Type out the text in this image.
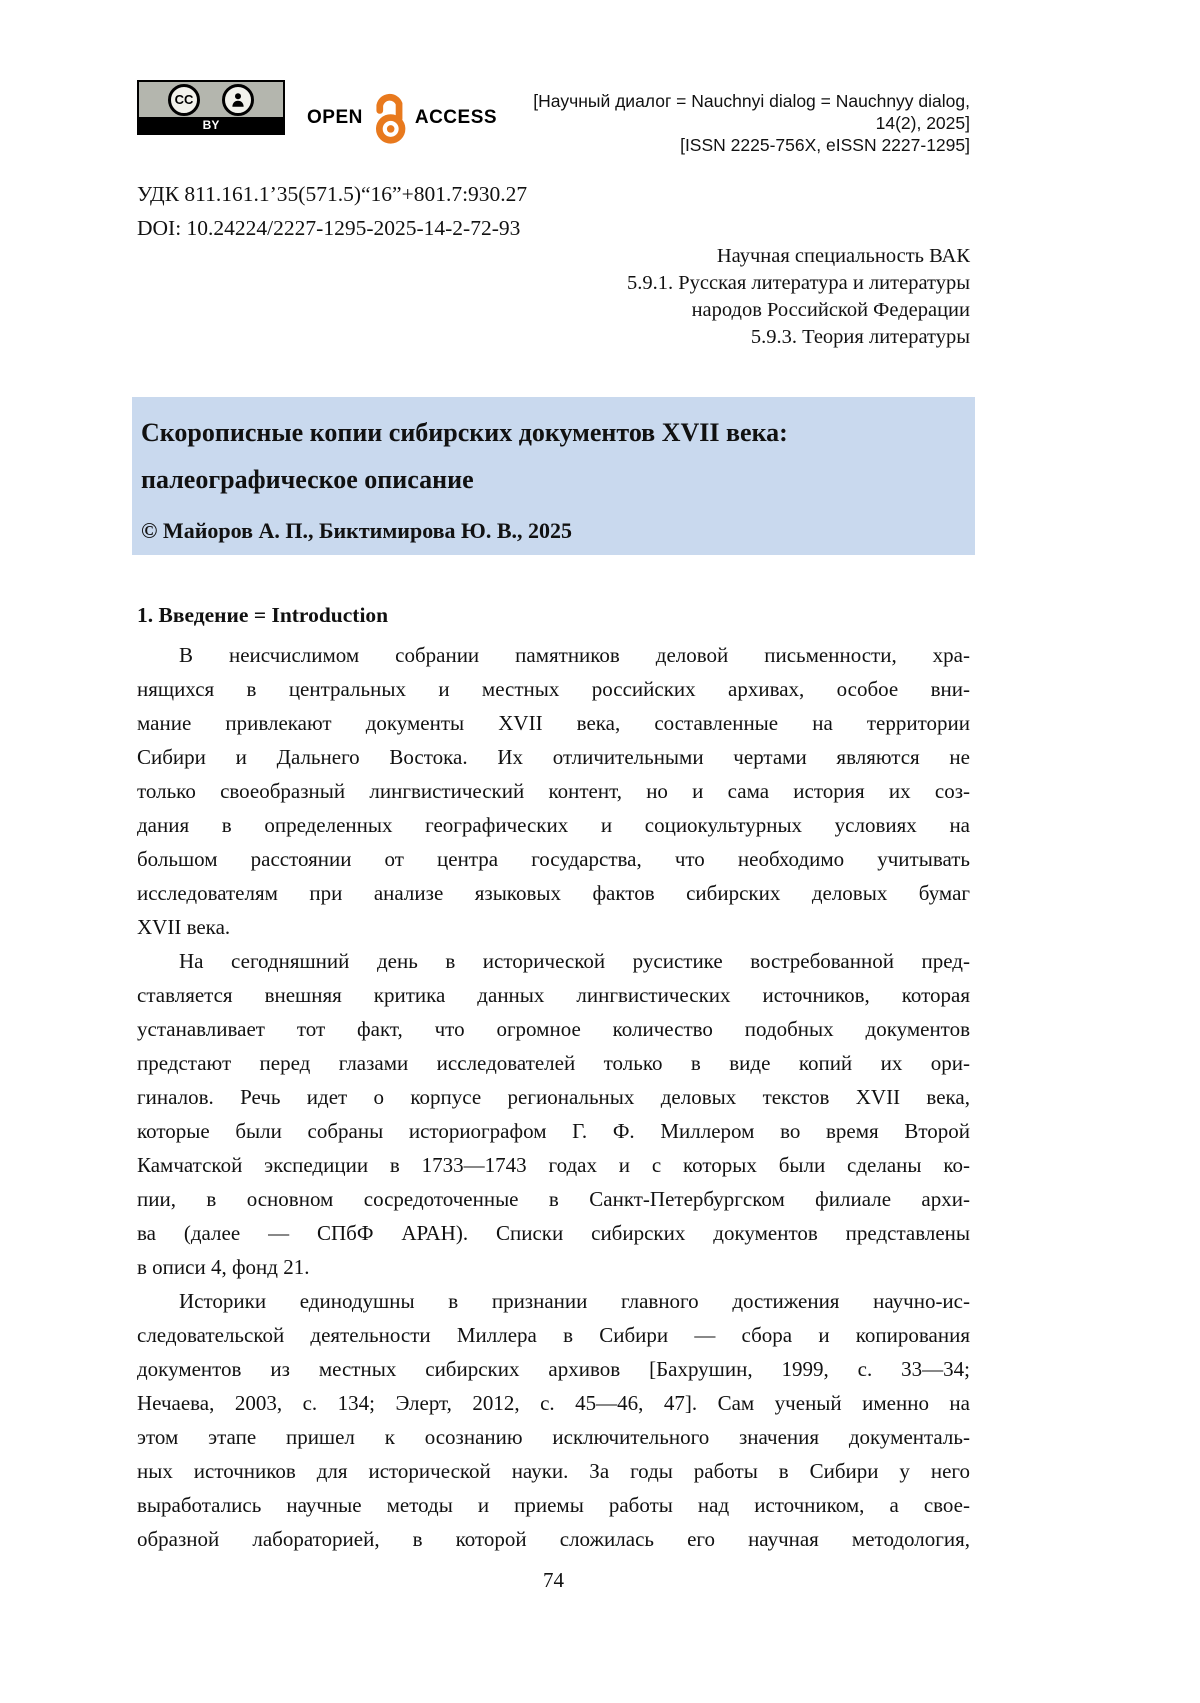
CC
BY	OPEN	ACCESS
[Научный диалог = Nauchnyi dialog = Nauchnyy dialog, 14(2), 2025]
[ISSN 2225-756X, eISSN 2227-1295]
УДК 811.161.1’35(571.5)“16”+801.7:930.27
DOI: 10.24224/2227-1295-2025-14-2-72-93
Научная специальность ВАК
5.9.1. Русская литература и литературы
народов Российской Федерации
5.9.3. Теория литературы
Скорописные копии сибирских документов XVII века:
палеографическое описание
© Майоров А. П., Биктимирова Ю. В., 2025
1. Введение = Introduction
В неисчислимом собрании памятников деловой письменности, хра-
нящихся в центральных и местных российских архивах, особое вни-
мание привлекают документы XVII века, составленные на территории
Сибири и Дальнего Востока. Их отличительными чертами являются не
только своеобразный лингвистический контент, но и сама история их соз-
дания в определенных географических и социокультурных условиях на
большом расстоянии от центра государства, что необходимо учитывать
исследователям при анализе языковых фактов сибирских деловых бумаг
XVII века.
На сегодняшний день в исторической русистике востребованной пред-
ставляется внешняя критика данных лингвистических источников, которая
устанавливает тот факт, что огромное количество подобных документов
предстают перед глазами исследователей только в виде копий их ори-
гиналов. Речь идет о корпусе региональных деловых текстов XVII века,
которые были собраны историографом Г. Ф. Миллером во время Второй
Камчатской экспедиции в 1733—1743 годах и с которых были сделаны ко-
пии, в основном сосредоточенные в Санкт-Петербургском филиале архи-
ва (далее — СПбФ АРАН). Списки сибирских документов представлены
в описи 4, фонд 21.
Историки единодушны в признании главного достижения научно-ис-
следовательской деятельности Миллера в Сибири — сбора и копирования
документов из местных сибирских архивов [Бахрушин, 1999, с. 33—34;
Нечаева, 2003, с. 134; Элерт, 2012, с. 45—46, 47]. Сам ученый именно на
этом этапе пришел к осознанию исключительного значения документаль-
ных источников для исторической науки. За годы работы в Сибири у него
выработались научные методы и приемы работы над источником, а свое-
образной лабораторией, в которой сложилась его научная методология,
74
